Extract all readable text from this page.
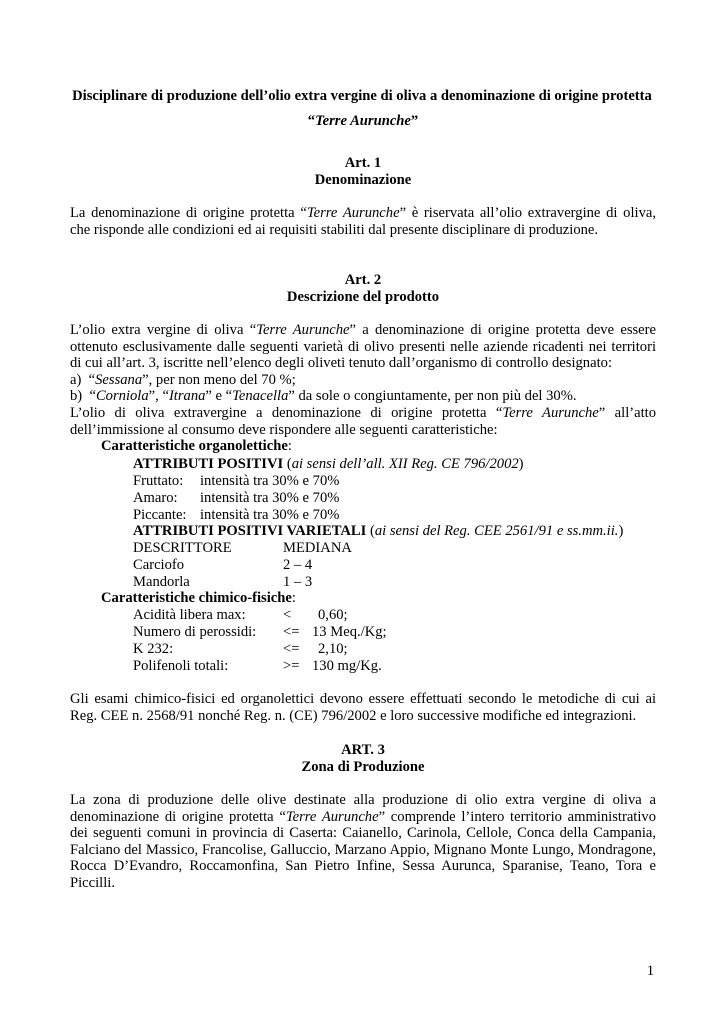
Disciplinare di produzione dell’olio extra vergine di oliva a denominazione di origine protetta
“Terre Aurunche”
Art. 1
Denominazione
La denominazione di origine protetta “Terre Aurunche” è riservata all’olio extravergine di oliva,
che risponde alle condizioni ed ai requisiti stabiliti dal presente disciplinare di produzione.
Art. 2
Descrizione del prodotto
L’olio extra vergine di oliva “Terre Aurunche” a denominazione di origine protetta deve essere
ottenuto esclusivamente dalle seguenti varietà di olivo presenti nelle aziende ricadenti nei territori
di cui all’art. 3, iscritte nell’elenco degli oliveti tenuto dall’organismo di controllo designato:
a) “Sessana”, per non meno del 70 %;
b) “Corniola”, “Itrana” e “Tenacella” da sole o congiuntamente, per non più del 30%.
L’olio di oliva extravergine a denominazione di origine protetta “Terre Aurunche” all’atto
dell’immissione al consumo deve rispondere alle seguenti caratteristiche:
Caratteristiche organolettiche:
ATTRIBUTI POSITIVI (ai sensi dell’all. XII Reg. CE 796/2002)
Fruttato: intensità tra 30% e 70%
Amaro: intensità tra 30% e 70%
Piccante: intensità tra 30% e 70%
ATTRIBUTI POSITIVI VARIETALI (ai sensi del Reg. CEE 2561/91 e ss.mm.ii.)
DESCRITTORE	MEDIANA
Carciofo	2 – 4
Mandorla	1 – 3
Caratteristiche chimico-fisiche:
Acidità libera max:	< 0,60;
Numero di perossidi: <= 13 Meq./Kg;
K 232:	<= 2,10;
Polifenoli totali:	>= 130 mg/Kg.
Gli esami chimico-fisici ed organolettici devono essere effettuati secondo le metodiche di cui ai
Reg. CEE n. 2568/91 nonché Reg. n. (CE) 796/2002 e loro successive modifiche ed integrazioni.
ART. 3
Zona di Produzione
La zona di produzione delle olive destinate alla produzione di olio extra vergine di oliva a
denominazione di origine protetta “Terre Aurunche” comprende l’intero territorio amministrativo
dei seguenti comuni in provincia di Caserta: Caianello, Carinola, Cellole, Conca della Campania,
Falciano del Massico, Francolise, Galluccio, Marzano Appio, Mignano Monte Lungo, Mondragone,
Rocca D’Evandro, Roccamonfina, San Pietro Infine, Sessa Aurunca, Sparanise, Teano, Tora e
Piccilli.
1
